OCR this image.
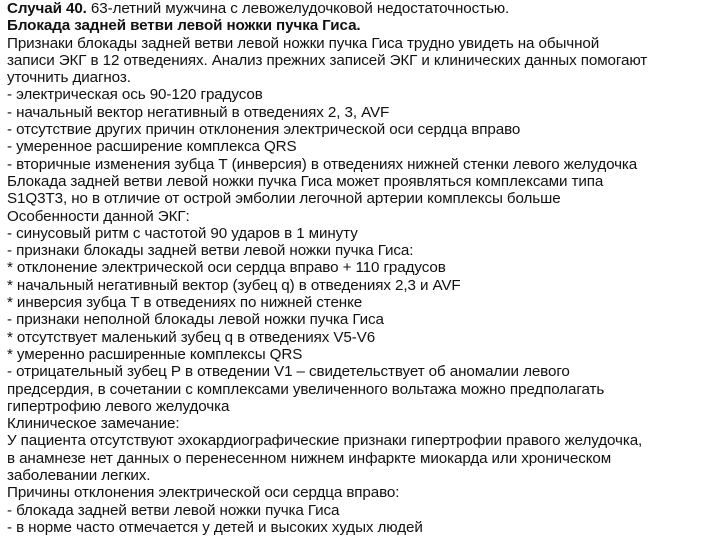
Случай 40. 63-летний мужчина с левожелудочковой недостаточностью.
Блокада задней ветви левой ножки пучка Гиса.
Признаки блокады задней ветви левой ножки пучка Гиса трудно увидеть на обычной
записи ЭКГ в 12 отведениях. Анализ прежних записей ЭКГ и клинических данных помогают
уточнить диагноз.
- электрическая ось 90-120 градусов
- начальный вектор негативный в отведениях 2, 3, AVF
- отсутствие других причин отклонения электрической оси сердца вправо
- умеренное расширение комплекса QRS
- вторичные изменения зубца Т (инверсия) в отведениях нижней стенки левого желудочка
Блокада задней ветви левой ножки пучка Гиса может проявляться комплексами типа
S1Q3T3, но в отличие от острой эмболии легочной артерии комплексы больше
Особенности данной ЭКГ:
- синусовый ритм с частотой 90 ударов в 1 минуту
- признаки блокады задней ветви левой ножки пучка Гиса:
* отклонение электрической оси сердца вправо + 110 градусов
* начальный негативный вектор (зубец q) в отведениях 2,3 и AVF
* инверсия зубца Т в отведениях по нижней стенке
- признаки неполной блокады левой ножки пучка Гиса
* отсутствует маленький зубец q в отведениях V5-V6
* умеренно расширенные комплексы QRS
- отрицательный зубец Р в отведении V1 – свидетельствует об аномалии левого
предсердия, в сочетании с комплексами увеличенного вольтажа можно предполагать
гипертрофию левого желудочка
Клиническое замечание:
У пациента отсутствуют эхокардиографические признаки гипертрофии правого желудочка,
в анамнезе нет данных о перенесенном нижнем инфаркте миокарда или хроническом
заболевании легких.
Причины отклонения электрической оси сердца вправо:
- блокада задней ветви левой ножки пучка Гиса
- в норме часто отмечается у детей и высоких худых людей
